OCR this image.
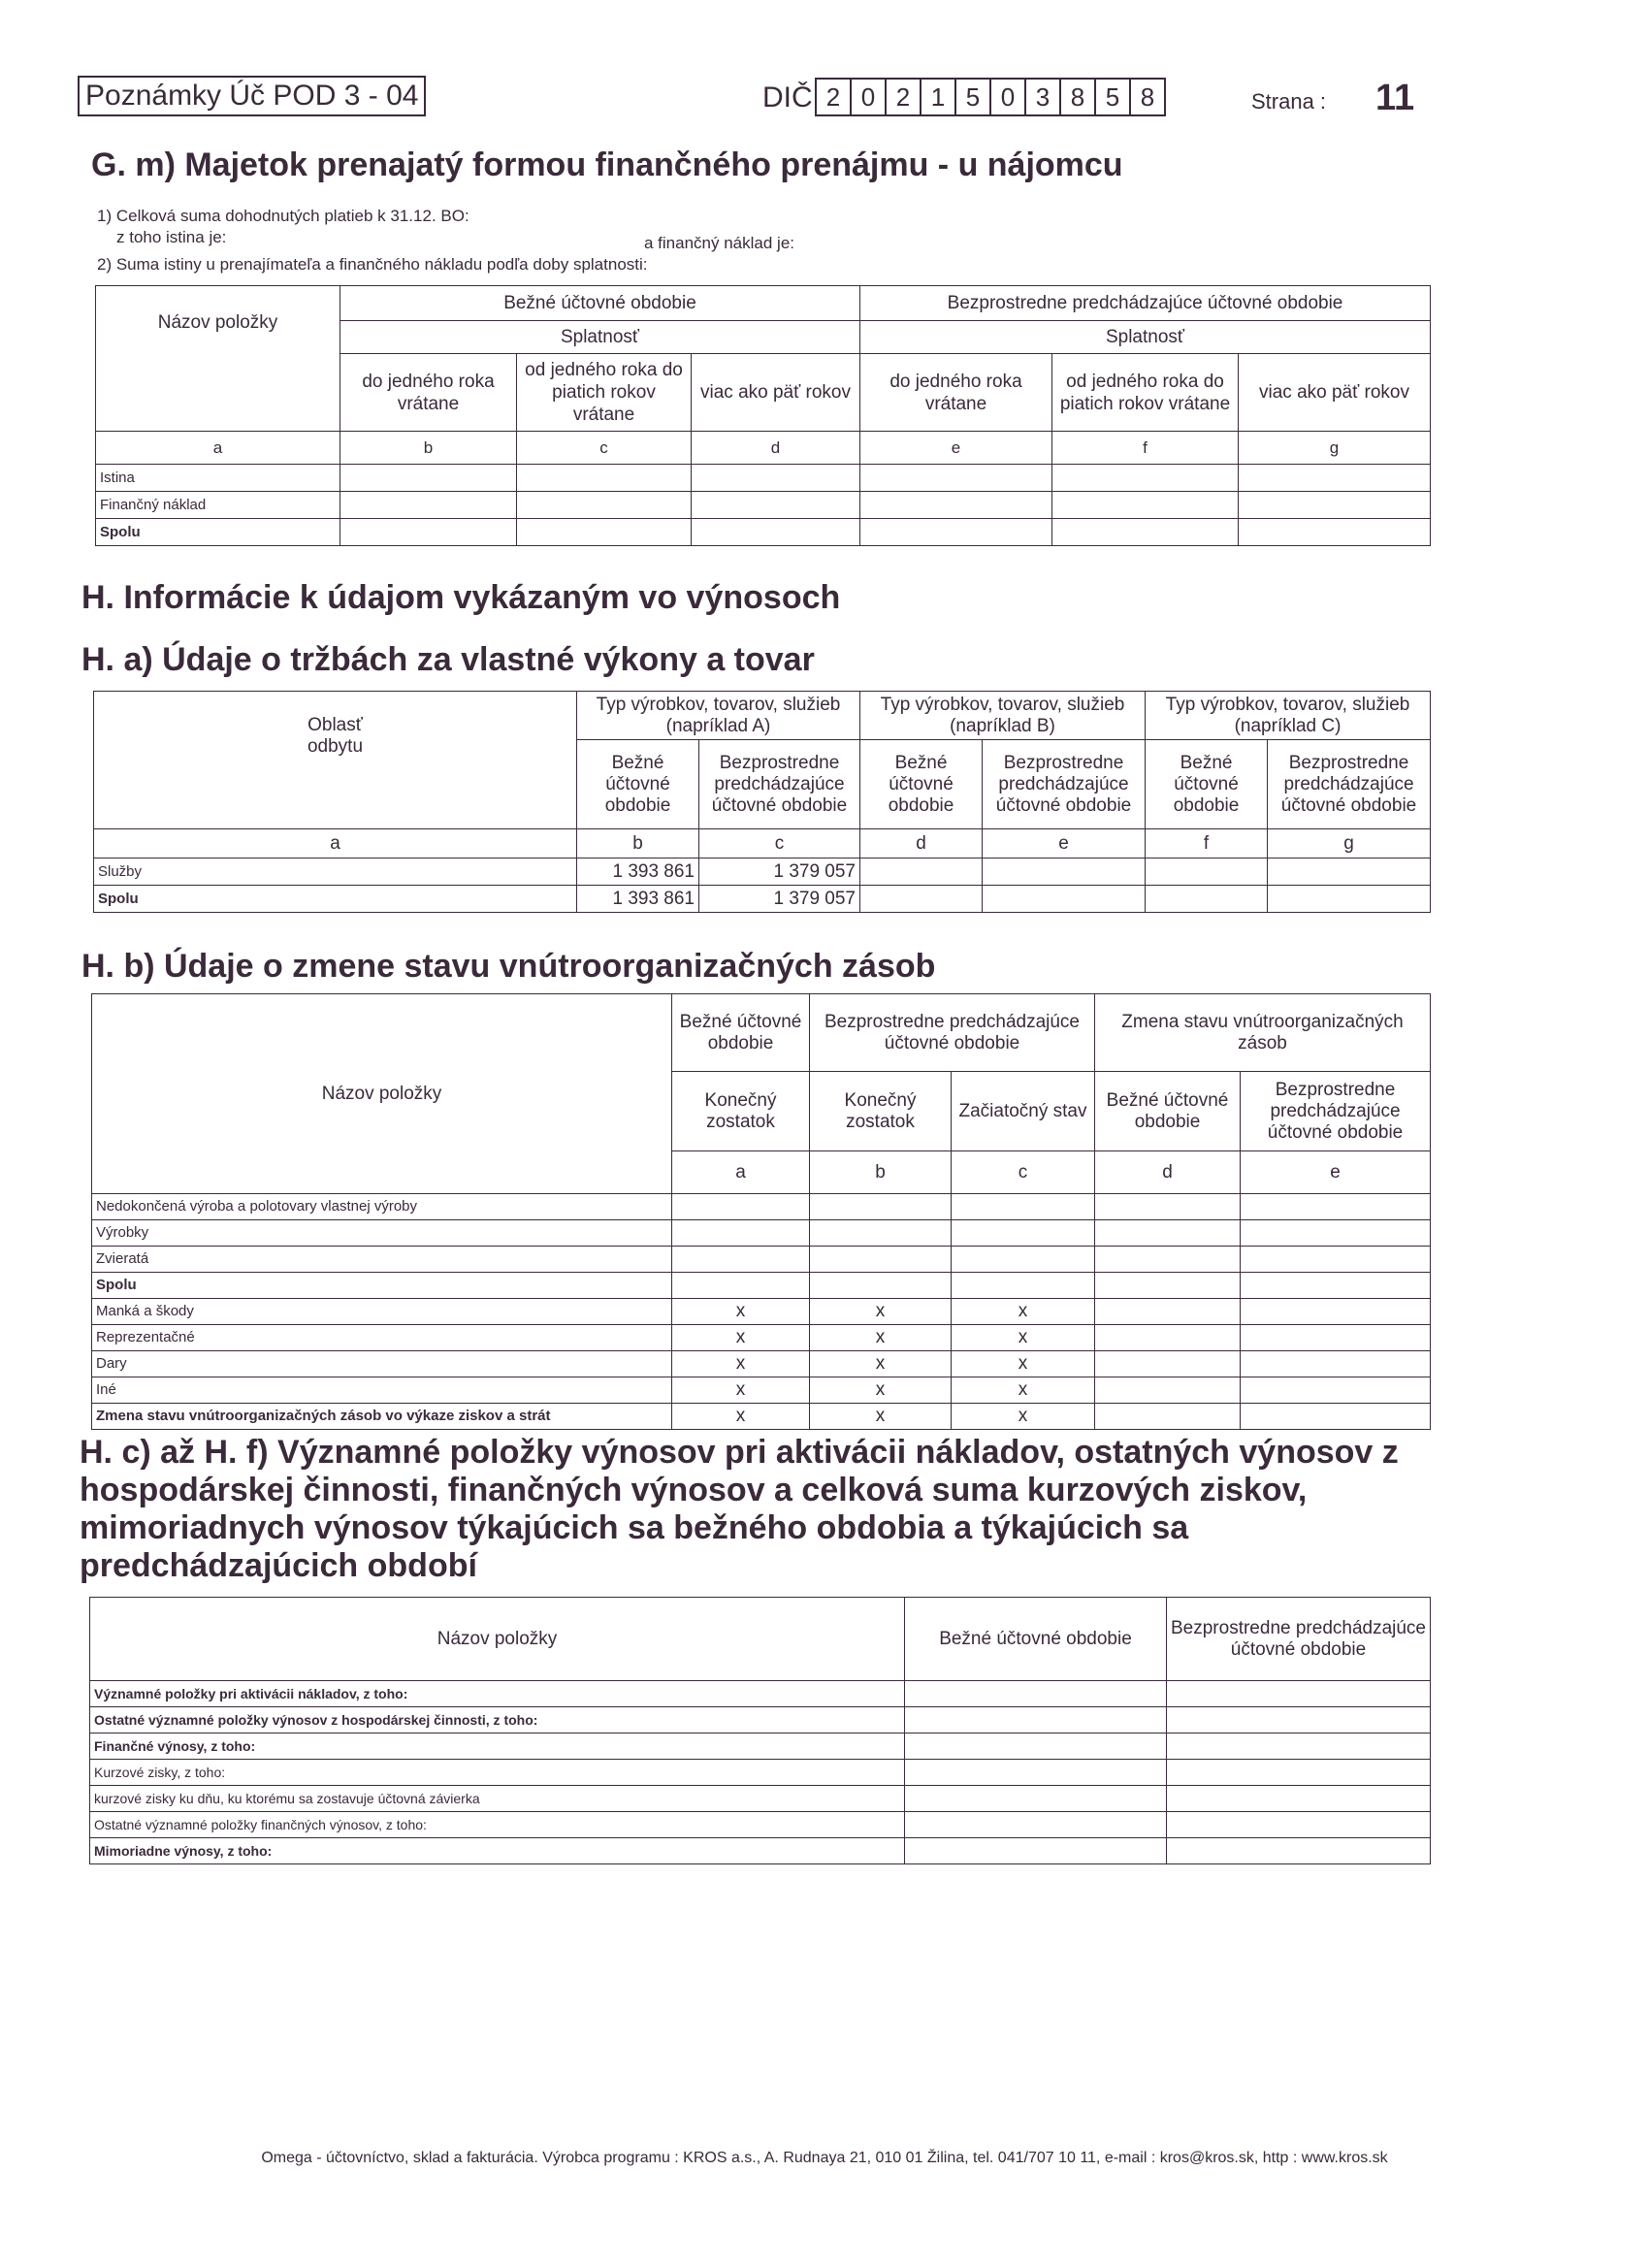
Poznámky Úč POD 3 - 04	DIČ 2 0 2 1 5 0 3 8 5 8	Strana : 11
G. m) Majetok prenajatý formou finančného prenájmu - u nájomcu
1) Celková suma dohodnutých platieb k 31.12. BO:
z toho istina je:	a finančný náklad je:
2) Suma istiny u prenajímateľa a finančného nákladu podľa doby splatnosti:
Názov položky	Bežné účtovné obdobie			Bezprostredne predchádzajúce účtovné obdobie		
	Splatnosť			Splatnosť		
	do jedného roka vrátane	od jedného roka do piatich rokov vrátane	viac ako päť rokov	do jedného roka vrátane	od jedného roka do piatich rokov vrátane	viac ako päť rokov
a	b	c	d	e	f	g
Istina						
Finančný náklad						
Spolu						
H. Informácie k údajom vykázaným vo výnosoch
H. a) Údaje o tržbách za vlastné výkony a tovar
Oblasť odbytu	Typ výrobkov, tovarov, služieb (napríklad A)		Typ výrobkov, tovarov, služieb (napríklad B)		Typ výrobkov, tovarov, služieb (napríklad C)	
	Bežné účtovné obdobie	Bezprostredne predchádzajúce účtovné obdobie	Bežné účtovné obdobie	Bezprostredne predchádzajúce účtovné obdobie	Bežné účtovné obdobie	Bezprostredne predchádzajúce účtovné obdobie
a	b	c	d	e	f	g
Služby	1 393 861	1 379 057				
Spolu	1 393 861	1 379 057				
H. b) Údaje o zmene stavu vnútroorganizačných zásob
Názov položky	Bežné účtovné obdobie	Bezprostredne predchádzajúce účtovné obdobie		Zmena stavu vnútroorganizačných zásob		
	Konečný zostatok	Konečný zostatok	Začiatočný stav	Bežné účtovné obdobie	Bezprostredne predchádzajúce účtovné obdobie	
	a	b	c	d	e	
Nedokončená výroba a polotovary vlastnej výroby						
Výrobky						
Zvieratá						
Spolu						
Manká a škody	x	x	x			
Reprezentačné	x	x	x			
Dary	x	x	x			
Iné	x	x	x			
Zmena stavu vnútroorganizačných zásob vo výkaze ziskov a strát	x	x	x			
H. c) až H. f) Významné položky výnosov pri aktivácii nákladov, ostatných výnosov z hospodárskej činnosti, finančných výnosov a celková suma kurzových ziskov, mimoriadnych výnosov týkajúcich sa bežného obdobia a týkajúcich sa predchádzajúcich období
Názov položky	Bežné účtovné obdobie	Bezprostredne predchádzajúce účtovné obdobie
Významné položky pri aktivácii nákladov, z toho:		
Ostatné významné položky výnosov z hospodárskej činnosti, z toho:		
Finančné výnosy, z toho:		
Kurzové zisky, z toho:		
kurzové zisky ku dňu, ku ktorému sa zostavuje účtovná závierka		
Ostatné významné položky finančných výnosov, z toho:		
Mimoriadne výnosy, z toho:		
Omega - účtovníctvo, sklad a fakturácia. Výrobca programu : KROS a.s., A. Rudnaya 21, 010 01 Žilina, tel. 041/707 10 11, e-mail : kros@kros.sk, http : www.kros.sk
